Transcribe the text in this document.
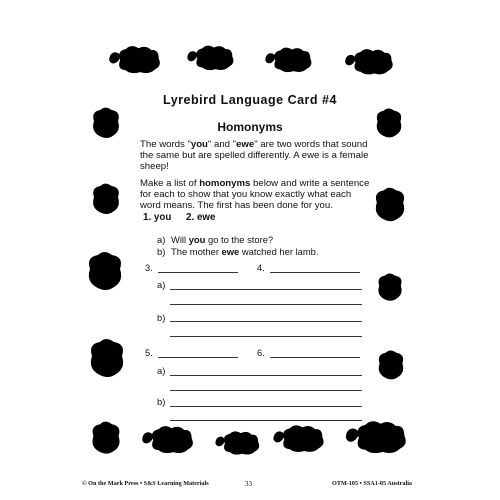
Lyrebird Language Card #4
Homonyms
The words "you" and "ewe" are two words that sound the same but are spelled differently. A ewe is a female sheep!
Make a list of homonyms below and write a sentence for each to show that you know exactly what each word means. The first has been done for you.
1. you 2. ewe
a) Will you go to the store?
b) The mother ewe watched her lamb.
3.	4.
a)
b)
5.	6.
a)
b)
© On the Mark Press • S&S Learning Materials	33	OTM-105 • SSA1-05 Australia
